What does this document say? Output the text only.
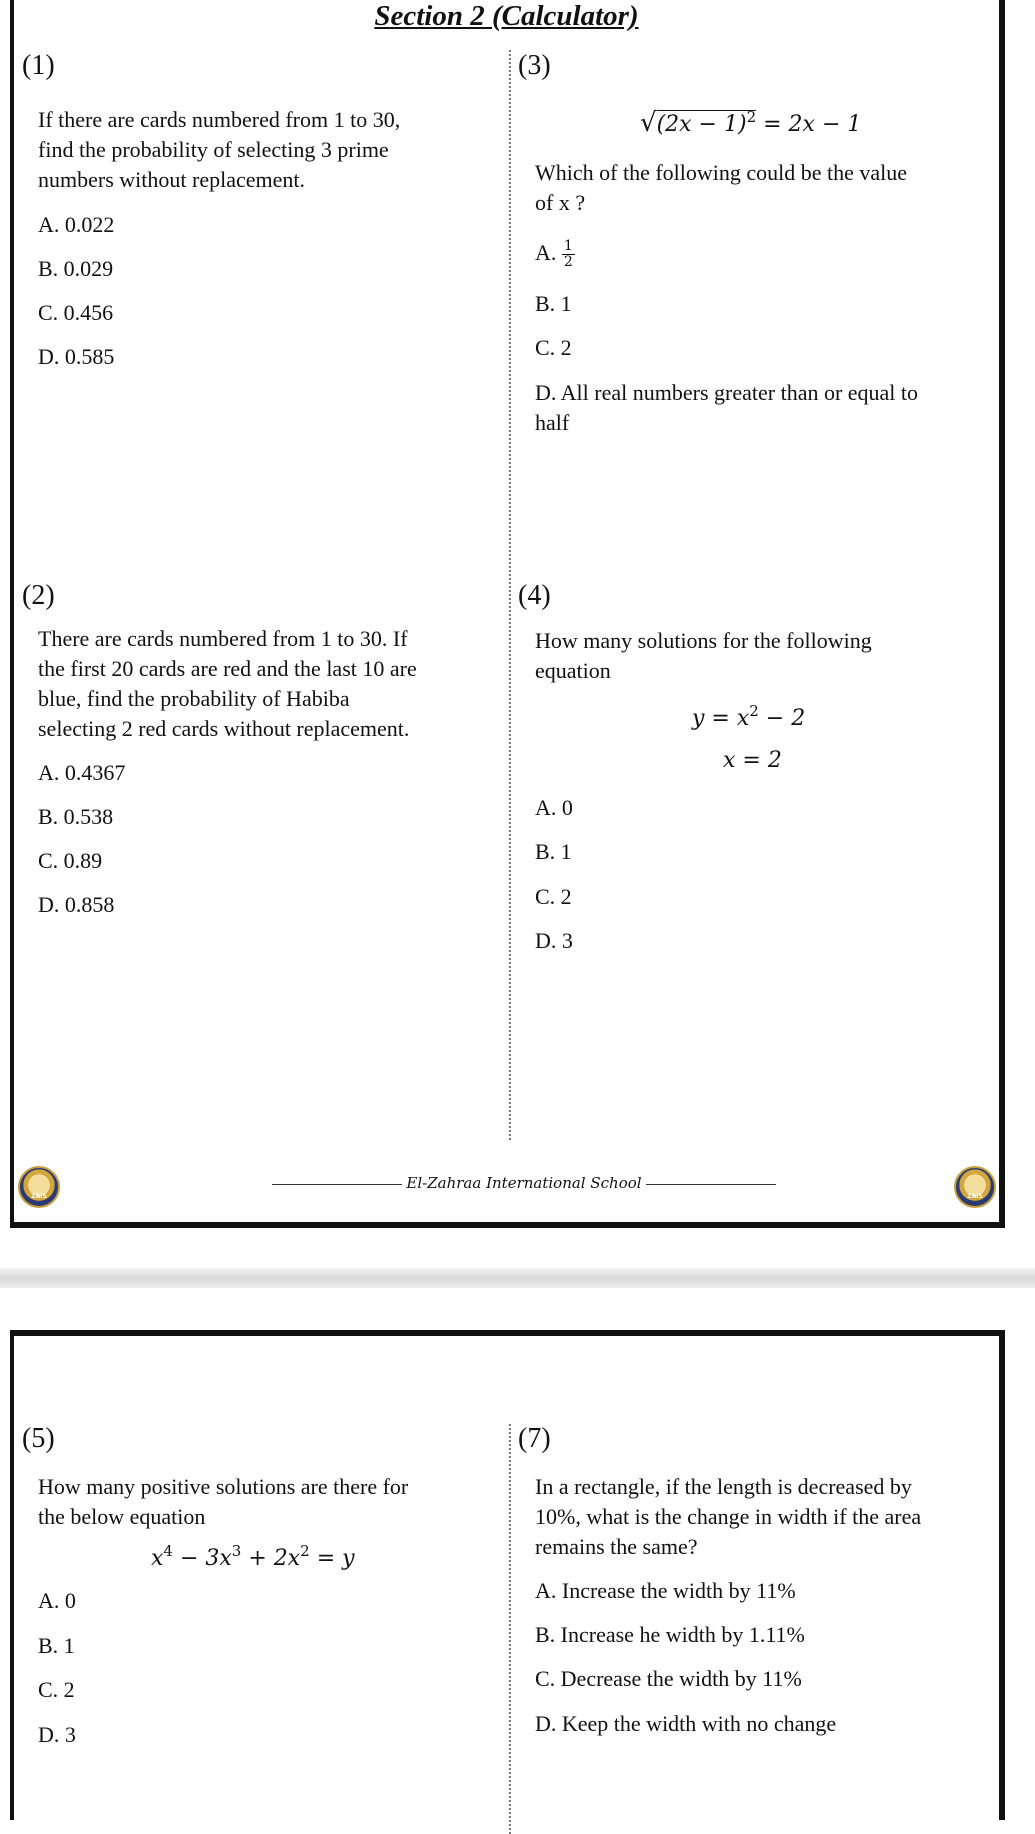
Section 2 (Calculator)
(1)
If there are cards numbered from 1 to 30,
find the probability of selecting 3 prime
numbers without replacement.
A. 0.022
B. 0.029
C. 0.456
D. 0.585
(3)
$√(2x - 1)^2 = 2x - 1$
Which of the following could be the value
of x ?
A. $\frac{1}{2}$
B. 1
C. 2
D. All real numbers greater than or equal to
half
(2)
There are cards numbered from 1 to 30. If
the first 20 cards are red and the last 10 are
blue, find the probability of Habiba
selecting 2 red cards without replacement.
A. 0.4367
B. 0.538
C. 0.89
D. 0.858
(4)
How many solutions for the following
equation
$y = x^2 - 2$
x = 2
A. 0
B. 1
C. 2
D. 3
ZAIS
El-Zahraa International School
ZAIS
(5)
How many positive solutions are there for
the below equation
$x^4 - 3x^3 + 2x^2 = y$
A. 0
B. 1
C. 2
D. 3
(7)
In a rectangle, if the length is decreased by
10%, what is the change in width if the area
remains the same?
A. Increase the width by 11%
B. Increase he width by 1.11%
C. Decrease the width by 11%
D. Keep the width with no change
